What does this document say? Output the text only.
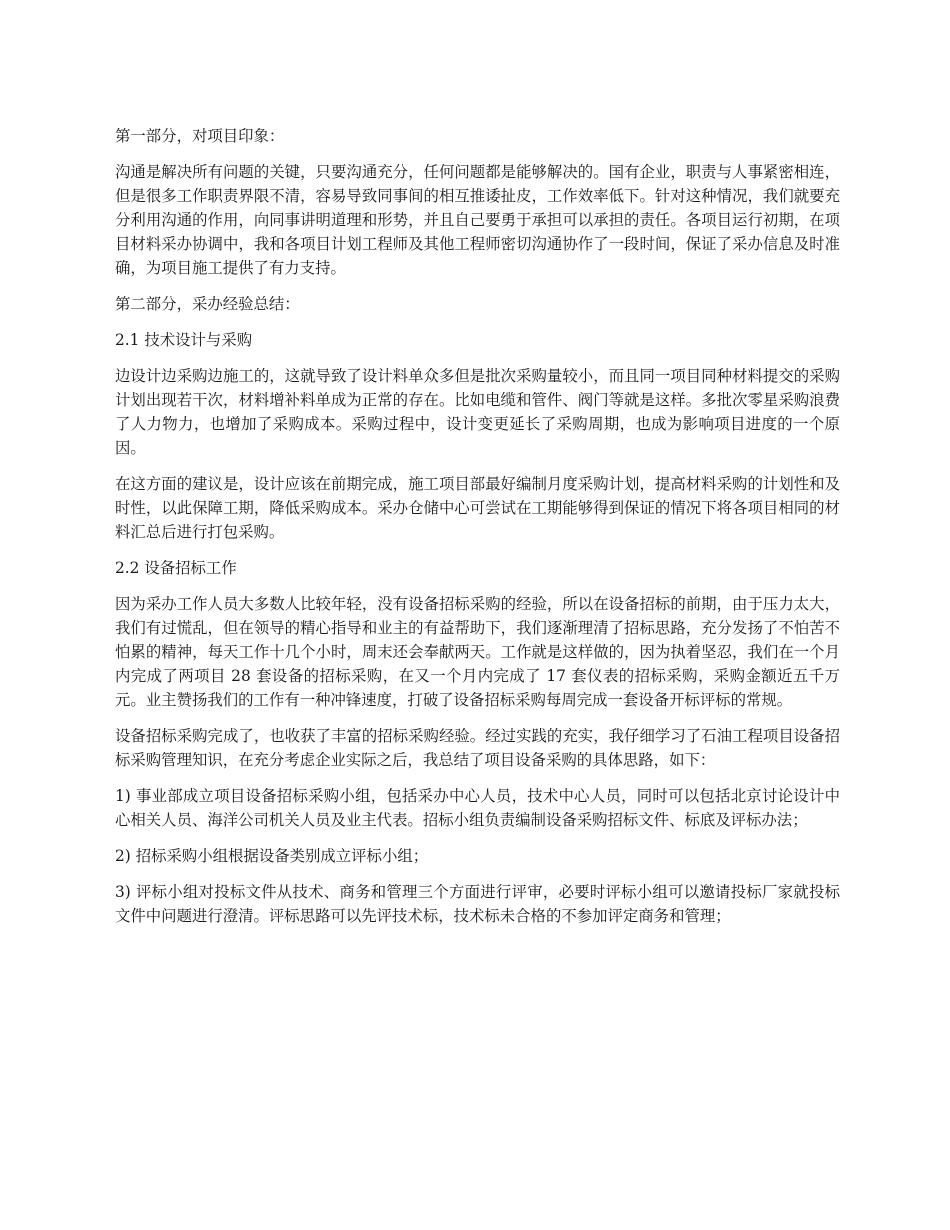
第一部分，对项目印象：

沟通是解决所有问题的关键，只要沟通充分，任何问题都是能够解决的。国有企业，职责与人事紧密相连，但是很多工作职责界限不清，容易导致同事间的相互推诿扯皮，工作效率低下。针对这种情况，我们就要充分利用沟通的作用，向同事讲明道理和形势，并且自己要勇于承担可以承担的责任。各项目运行初期，在项目材料采办协调中，我和各项目计划工程师及其他工程师密切沟通协作了一段时间，保证了采办信息及时准确，为项目施工提供了有力支持。

第二部分，采办经验总结：

2.1 技术设计与采购

边设计边采购边施工的，这就导致了设计料单众多但是批次采购量较小，而且同一项目同种材料提交的采购计划出现若干次，材料增补料单成为正常的存在。比如电缆和管件、阀门等就是这样。多批次零星采购浪费了人力物力，也增加了采购成本。采购过程中，设计变更延长了采购周期，也成为影响项目进度的一个原因。

在这方面的建议是，设计应该在前期完成，施工项目部最好编制月度采购计划，提高材料采购的计划性和及时性，以此保障工期，降低采购成本。采办仓储中心可尝试在工期能够得到保证的情况下将各项目相同的材料汇总后进行打包采购。

2.2 设备招标工作

因为采办工作人员大多数人比较年轻，没有设备招标采购的经验，所以在设备招标的前期，由于压力太大，我们有过慌乱，但在领导的精心指导和业主的有益帮助下，我们逐渐理清了招标思路，充分发扬了不怕苦不怕累的精神，每天工作十几个小时，周末还会奉献两天。工作就是这样做的，因为执着坚忍，我们在一个月内完成了两项目 28 套设备的招标采购，在又一个月内完成了 17 套仪表的招标采购，采购金额近五千万元。业主赞扬我们的工作有一种冲锋速度，打破了设备招标采购每周完成一套设备开标评标的常规。

设备招标采购完成了，也收获了丰富的招标采购经验。经过实践的充实，我仔细学习了石油工程项目设备招标采购管理知识，在充分考虑企业实际之后，我总结了项目设备采购的具体思路，如下：

1) 事业部成立项目设备招标采购小组，包括采办中心人员，技术中心人员，同时可以包括北京讨论设计中心相关人员、海洋公司机关人员及业主代表。招标小组负责编制设备采购招标文件、标底及评标办法；

2) 招标采购小组根据设备类别成立评标小组；

3) 评标小组对投标文件从技术、商务和管理三个方面进行评审，必要时评标小组可以邀请投标厂家就投标文件中问题进行澄清。评标思路可以先评技术标，技术标未合格的不参加评定商务和管理；
